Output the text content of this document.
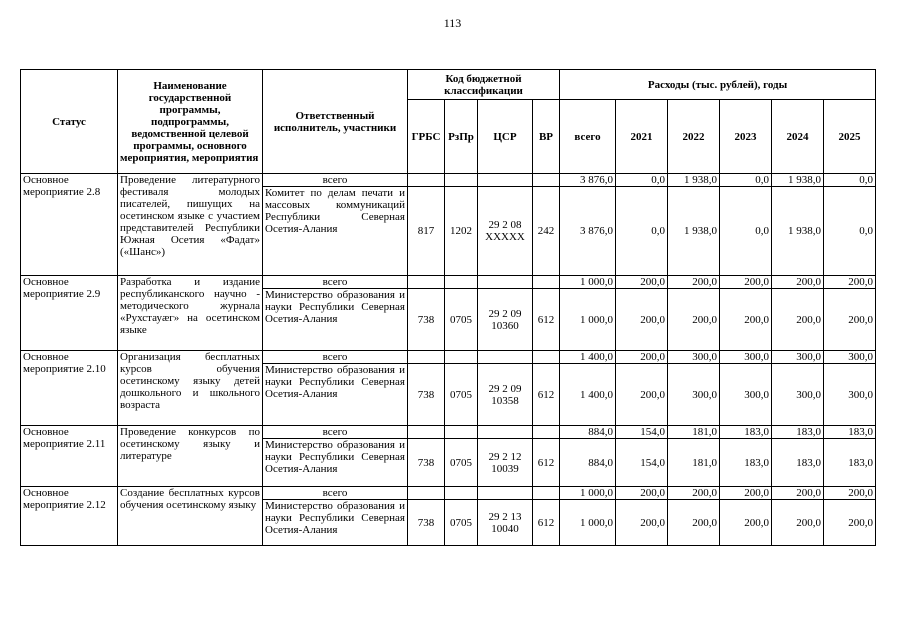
113
Статус	Наименование государственной программы, подпрограммы, ведомственной целевой программы, основного мероприятия, мероприятия	Ответственный исполнитель, участники	Код бюджетной классификации				Расходы (тыс. рублей), годы					
			ГРБС	РзПр	ЦСР	ВР	всего	2021	2022	2023	2024	2025
Основное мероприятие 2.8	Проведение литературного фестиваля молодых писателей, пишущих на осетинском языке с участием представителей Республики Южная Осетия «Фадат» («Шанс»)	всего					3 876,0	0,0	1 938,0	0,0	1 938,0	0,0
		Комитет по делам печати и массовых коммуникаций Республики Северная Осетия-Алания	817	1202	29 2 08 XXXXX	242	3 876,0	0,0	1 938,0	0,0	1 938,0	0,0
Основное мероприятие 2.9	Разработка и издание республиканского научно - методического журнала «Рухстауæг» на осетинском языке	всего					1 000,0	200,0	200,0	200,0	200,0	200,0
		Министерство образования и науки Республики Северная Осетия-Алания	738	0705	29 2 09 10360	612	1 000,0	200,0	200,0	200,0	200,0	200,0
Основное мероприятие 2.10	Организация бесплатных курсов обучения осетинскому языку детей дошкольного и школьного возраста	всего					1 400,0	200,0	300,0	300,0	300,0	300,0
		Министерство образования и науки Республики Северная Осетия-Алания	738	0705	29 2 09 10358	612	1 400,0	200,0	300,0	300,0	300,0	300,0
Основное мероприятие 2.11	Проведение конкурсов по осетинскому языку и литературе	всего					884,0	154,0	181,0	183,0	183,0	183,0
		Министерство образования и науки Республики Северная Осетия-Алания	738	0705	29 2 12 10039	612	884,0	154,0	181,0	183,0	183,0	183,0
Основное мероприятие 2.12	Создание бесплатных курсов обучения осетинскому языку	всего					1 000,0	200,0	200,0	200,0	200,0	200,0
		Министерство образования и науки Республики Северная Осетия-Алания	738	0705	29 2 13 10040	612	1 000,0	200,0	200,0	200,0	200,0	200,0
